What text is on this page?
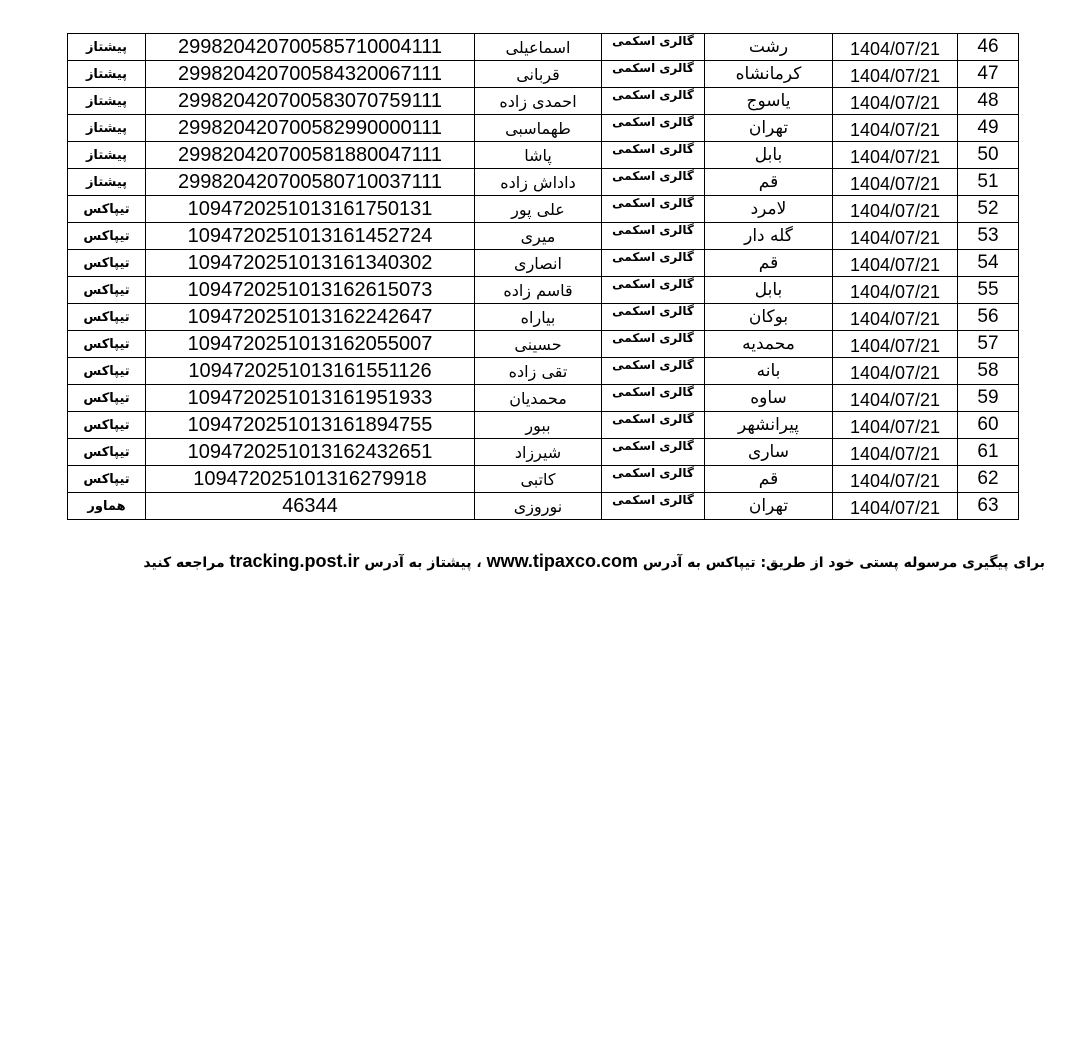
46	1404/07/21	رشت	گالری اسکمی	اسماعیلی	299820420700585710004111	پیشتاز
47	1404/07/21	کرمانشاه	گالری اسکمی	قربانی	299820420700584320067111	پیشتاز
48	1404/07/21	یاسوج	گالری اسکمی	احمدی زاده	299820420700583070759111	پیشتاز
49	1404/07/21	تهران	گالری اسکمی	طهماسبی	299820420700582990000111	پیشتاز
50	1404/07/21	بابل	گالری اسکمی	پاشا	299820420700581880047111	پیشتاز
51	1404/07/21	قم	گالری اسکمی	داداش زاده	299820420700580710037111	پیشتاز
52	1404/07/21	لامرد	گالری اسکمی	علی پور	10947202510131617501​31	تیپاکس
53	1404/07/21	گله دار	گالری اسکمی	میری	109472025101316145272​4	تیپاکس
54	1404/07/21	قم	گالری اسکمی	انصاری	1094720251013161340302	تیپاکس
55	1404/07/21	بابل	گالری اسکمی	قاسم زاده	1094720251013162615073	تیپاکس
56	1404/07/21	بوکان	گالری اسکمی	بیاراه	1094720251013162242647	تیپاکس
57	1404/07/21	محمدیه	گالری اسکمی	حسینی	1094720251013162055007	تیپاکس
58	1404/07/21	بانه	گالری اسکمی	تقی زاده	1094720251013161551126	تیپاکس
59	1404/07/21	ساوه	گالری اسکمی	محمدیان	1094720251013161951933	تیپاکس
60	1404/07/21	پیرانشهر	گالری اسکمی	ببور	1094720251013161894755	تیپاکس
61	1404/07/21	ساری	گالری اسکمی	شیرزاد	1094720251013162432651	تیپاکس
62	1404/07/21	قم	گالری اسکمی	کاتبی	1094720251013162799​18	تیپاکس
63	1404/07/21	تهران	گالری اسکمی	نوروزی	46344	هماور
برای پیگیری مرسوله پستی خود از طریق: تیپاکس به آدرس www.tipaxco.com ، پیشتاز به آدرس tracking.post.ir مراجعه کنید
